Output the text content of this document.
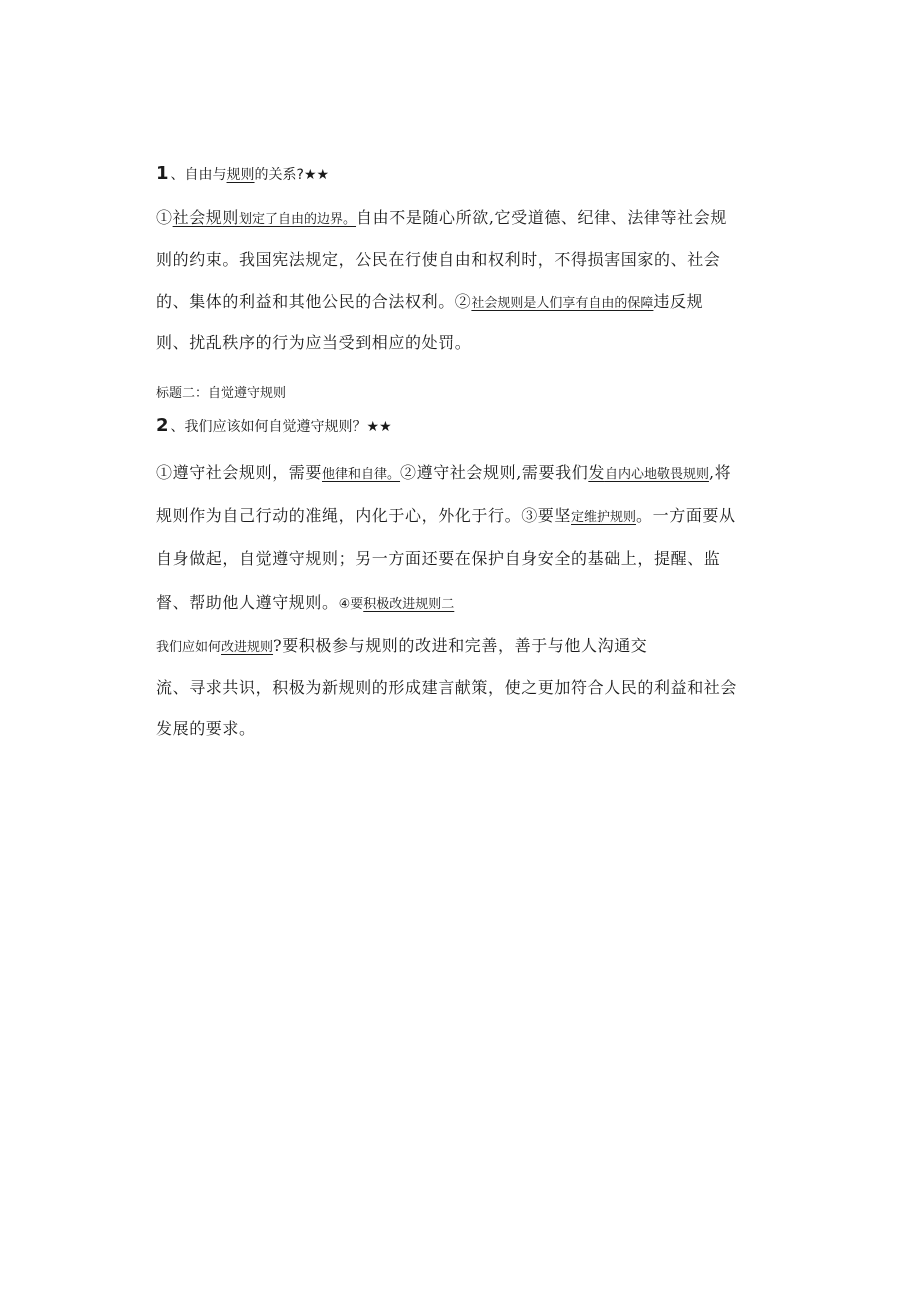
1 、自由与规则的关系?★★
①社会规则划定了自由的边界。自由不是随心所欲,它受道德、纪律、法律等社会规
则的约束。我国宪法规定，公民在行使自由和权利时，不得损害国家的、社会
的、集体的利益和其他公民的合法权利。②社会规则是人们享有自由的保障违反规
则、扰乱秩序的行为应当受到相应的处罚。
标题二：自觉遵守规则
2 、我们应该如何自觉遵守规则？★★
①遵守社会规则，需要他律和自律。②遵守社会规则,需要我们发自内心地敬畏规则,将
规则作为自己行动的准绳，内化于心，外化于行。③要坚定维护规则。一方面要从
自身做起，自觉遵守规则；另一方面还要在保护自身安全的基础上，提醒、监
督、帮助他人遵守规则。④要积极改进规则二
我们应如何改进规则?要积极参与规则的改进和完善，善于与他人沟通交
流、寻求共识，积极为新规则的形成建言献策，使之更加符合人民的利益和社会
发展的要求。
